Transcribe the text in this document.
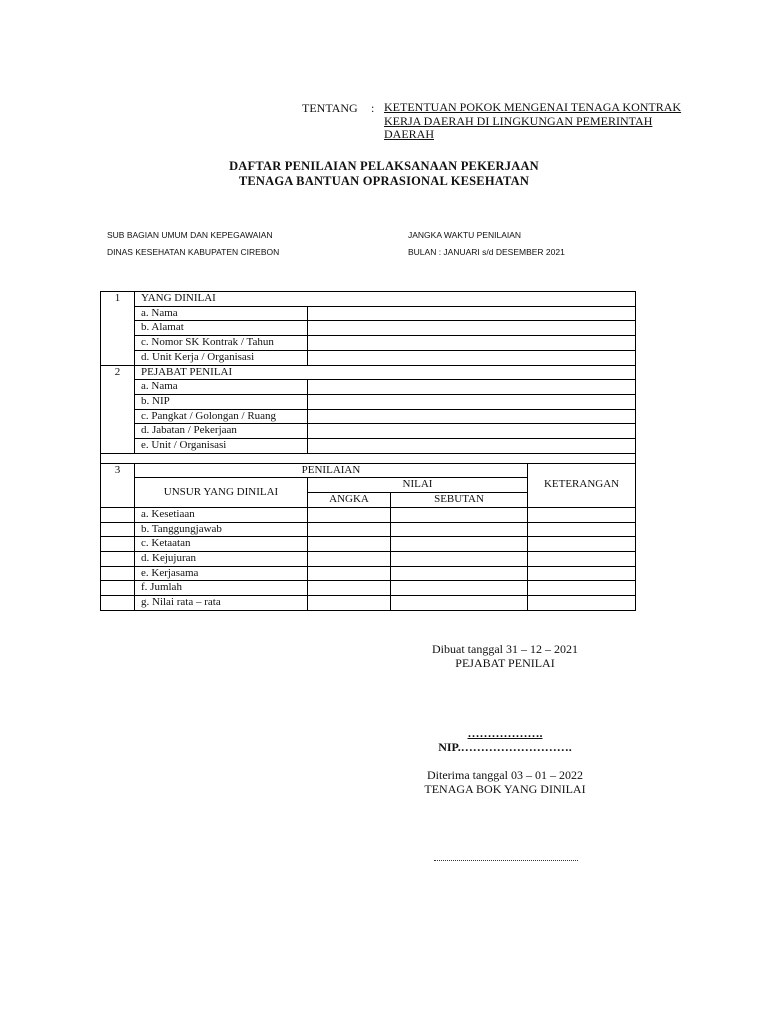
TENTANG : KETENTUAN POKOK MENGENAI TENAGA KONTRAK
KERJA DAERAH DI LINGKUNGAN PEMERINTAH
DAERAH
DAFTAR PENILAIAN PELAKSANAAN PEKERJAAN
TENAGA BANTUAN OPRASIONAL KESEHATAN
SUB BAGIAN UMUM DAN KEPEGAWAIAN
DINAS KESEHATAN KABUPATEN CIREBON
JANGKA WAKTU PENILAIAN
BULAN : JANUARI s/d DESEMBER 2021
1	YANG DINILAI			
	a. Nama			
	b. Alamat			
	c. Nomor SK Kontrak / Tahun			
	d. Unit Kerja / Organisasi			
2	PEJABAT PENILAI			
	a. Nama			
	b. NIP			
	c. Pangkat / Golongan / Ruang			
	d. Jabatan / Pekerjaan			
	e. Unit / Organisasi			

3	PENILAIAN			KETERANGAN
	UNSUR YANG DINILAI	NILAI		
		ANGKA	SEBUTAN	
	a. Kesetiaan			
	b. Tanggungjawab			
	c. Ketaatan			
	d. Kejujuran			
	e. Kerjasama			
	f. Jumlah			
	g. Nilai rata – rata			
Dibuat tanggal 31 – 12 – 2021
PEJABAT PENILAI
……………….
NIP.……………………….
Diterima tanggal 03 – 01 – 2022
TENAGA BOK YANG DINILAI
